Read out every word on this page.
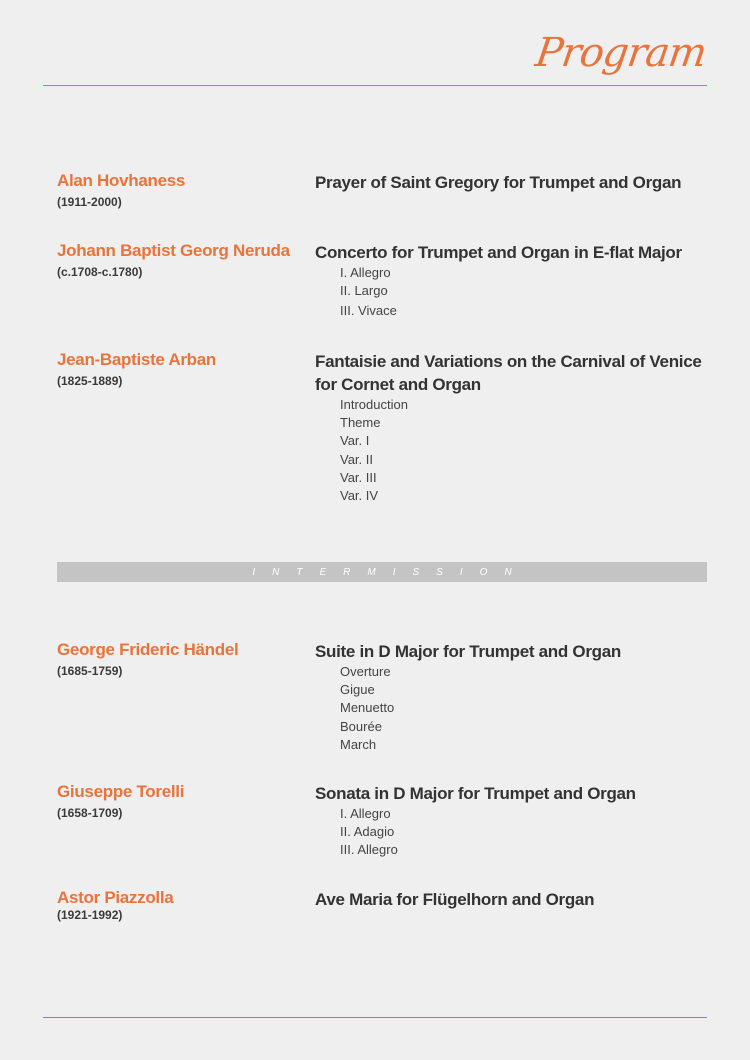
Program
Alan Hovhaness
(1911-2000)
Prayer of Saint Gregory for Trumpet and Organ
Johann Baptist Georg Neruda
(c.1708-c.1780)
Concerto for Trumpet and Organ in E-flat Major
I. Allegro
II. Largo
III. Vivace
Jean-Baptiste Arban
(1825-1889)
Fantaisie and Variations on the Carnival of Venice for Cornet and Organ
Introduction
Theme
Var. I
Var. II
Var. III
Var. IV
INTERMISSION
George Frideric Händel
(1685-1759)
Suite in D Major for Trumpet and Organ
Overture
Gigue
Menuetto
Bourée
March
Giuseppe Torelli
(1658-1709)
Sonata in D Major for Trumpet and Organ
I. Allegro
II. Adagio
III. Allegro
Astor Piazzolla
(1921-1992)
Ave Maria for Flügelhorn and Organ
